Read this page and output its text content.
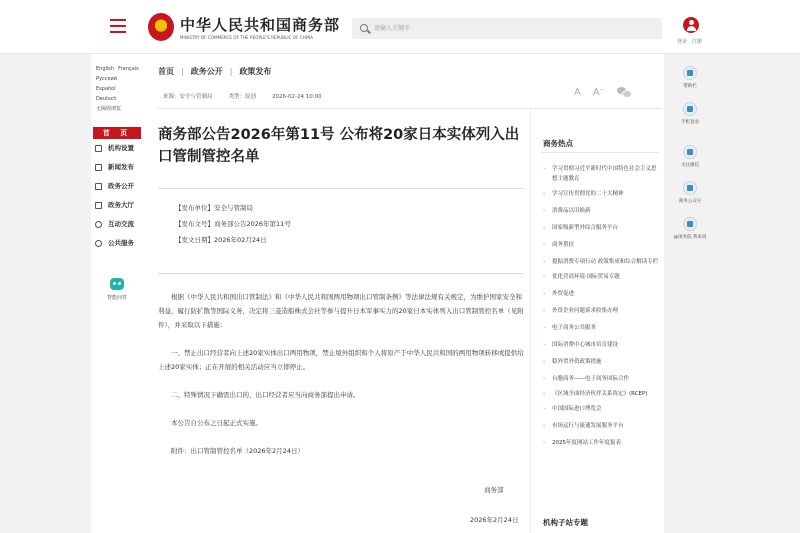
中华人民共和国商务部
MINISTRY OF COMMERCE OF THE PEOPLE'S REPUBLIC OF CHINA
请输入关键字
登录 注册
English Français РусскийEspañol Deutsch 无障碍浏览
首 页
机构设置
新闻发布
政务公开
政务大厅
互动交流
公共服务
智能问答
首页 | 政务公开 | 政策发布
来源：安全与管制局	类型：原创	2026-02-24 10:00	A A⁻
商务部公告2026年第11号 公布将20家日本实体列入出口管制管控名单
【发布单位】安全与管制局
【发布文号】商务部公告2026年第11号
【发文日期】2026年02月24日

根据《中华人民共和国出口管制法》和《中华人民共和国两用物项出口管制条例》等法律法规有关规定，为维护国家安全和利益，履行防扩散等国际义务，决定将三菱造船株式会社等参与提升日本军事实力的20家日本实体列入出口管制管控名单（见附件），并采取以下措施：

一、禁止出口经营者向上述20家实体出口两用物项，禁止境外组织和个人将原产于中华人民共和国的两用物项转移或提供给上述20家实体；正在开展的相关活动应当立即停止。

二、特殊情况下确需出口的，出口经营者应当向商务部提出申请。

本公告自公布之日起正式实施。

附件：出口管制管控名单（2026年2月24日）

商务部
2026年2月24日
商务热点
› 学习贯彻习近平新时代中国特色社会主义思想主题教育
› 学习宣传贯彻党的二十大精神
› 消费品以旧换新
› 国家级新型外综合服务平台
› 商务帮扶
› 提振消费专项行动 政策集成和综合解读专栏
› 优化营商环境·国际贸易专题
› 外贸促进
› 外资企业问题诉求收集办理
› 电子商务公共服务
› 国际消费中心城市培育建设
› 稳外贸外资政策措施
› 台胞商务——电子商务国际合作
› 《区域全面经济伙伴关系协定》(RCEP)
› 中国国际进口博览会
› 市场运行与流通发展服务平台
› 2025年度网站工作年度报表
机构子站专题
帮助栏
手机登录
关注微信
商务公众号
@国务院 我来说
